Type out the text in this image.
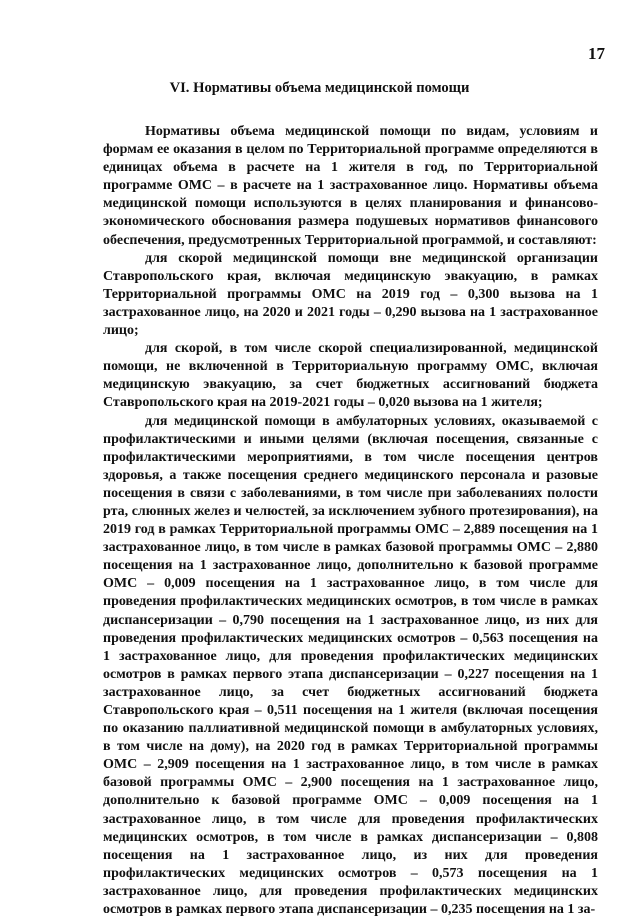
17
VI. Нормативы объема медицинской помощи

Нормативы объема медицинской помощи по видам, условиям и формам ее оказания в целом по Территориальной программе определяются в единицах объема в расчете на 1 жителя в год, по Территориальной программе ОМС – в расчете на 1 застрахованное лицо. Нормативы объема медицинской помощи используются в целях планирования и финансово-экономического обоснования размера подушевых нормативов финансового обеспечения, предусмотренных Территориальной программой, и составляют:

для скорой медицинской помощи вне медицинской организации Ставропольского края, включая медицинскую эвакуацию, в рамках Территориальной программы ОМС на 2019 год – 0,300 вызова на 1 застрахованное лицо, на 2020 и 2021 годы – 0,290 вызова на 1 застрахованное лицо;

для скорой, в том числе скорой специализированной, медицинской помощи, не включенной в Территориальную программу ОМС, включая медицинскую эвакуацию, за счет бюджетных ассигнований бюджета Ставропольского края на 2019-2021 годы – 0,020 вызова на 1 жителя;

для медицинской помощи в амбулаторных условиях, оказываемой с профилактическими и иными целями (включая посещения, связанные с профилактическими мероприятиями, в том числе посещения центров здоровья, а также посещения среднего медицинского персонала и разовые посещения в связи с заболеваниями, в том числе при заболеваниях полости рта, слюнных желез и челюстей, за исключением зубного протезирования), на 2019 год в рамках Территориальной программы ОМС – 2,889 посещения на 1 застрахованное лицо, в том числе в рамках базовой программы ОМС – 2,880 посещения на 1 застрахованное лицо, дополнительно к базовой программе ОМС – 0,009 посещения на 1 застрахованное лицо, в том числе для проведения профилактических медицинских осмотров, в том числе в рамках диспансеризации – 0,790 посещения на 1 застрахованное лицо, из них для проведения профилактических медицинских осмотров – 0,563 посещения на 1 застрахованное лицо, для проведения профилактических медицинских осмотров в рамках первого этапа диспансеризации – 0,227 посещения на 1 застрахованное лицо, за счет бюджетных ассигнований бюджета Ставропольского края – 0,511 посещения на 1 жителя (включая посещения по оказанию паллиативной медицинской помощи в амбулаторных условиях, в том числе на дому), на 2020 год в рамках Территориальной программы ОМС – 2,909 посещения на 1 застрахованное лицо, в том числе в рамках базовой программы ОМС – 2,900 посещения на 1 застрахованное лицо, дополнительно к базовой программе ОМС – 0,009 посещения на 1 застрахованное лицо, в том числе для проведения профилактических медицинских осмотров, в том числе в рамках диспансеризации – 0,808 посещения на 1 застрахованное лицо, из них для проведения профилактических медицинских осмотров – 0,573 посещения на 1 застрахованное лицо, для проведения профилактических медицинских осмотров в рамках первого этапа диспансеризации – 0,235 посещения на 1 за-
